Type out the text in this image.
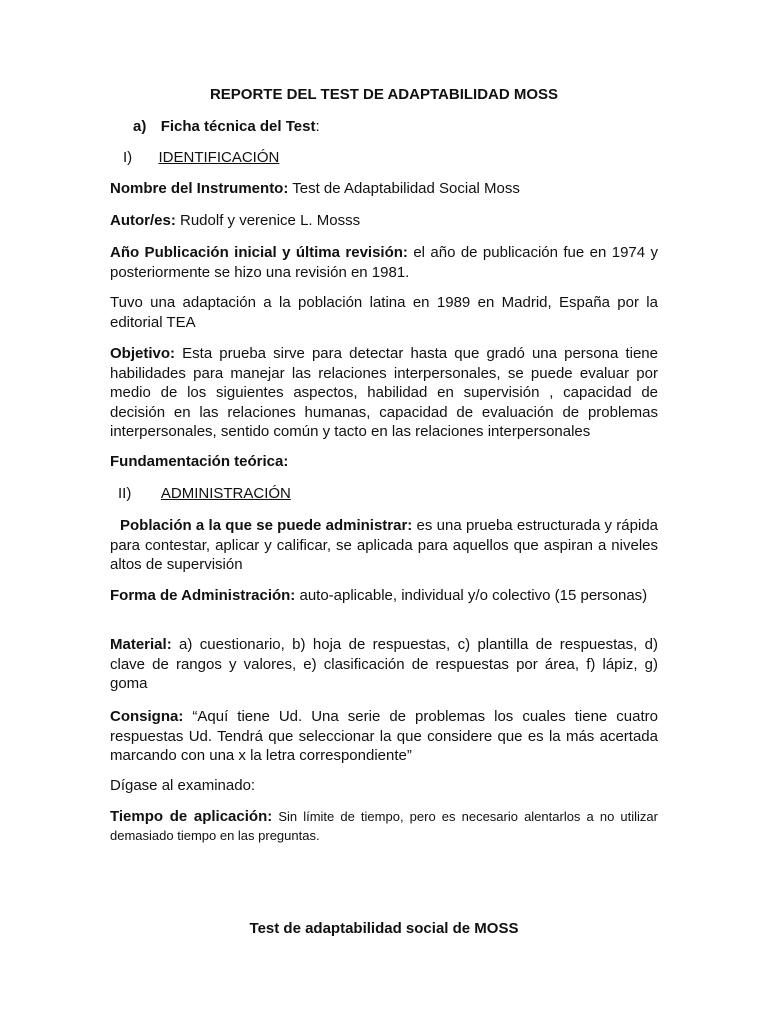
REPORTE DEL TEST DE ADAPTABILIDAD MOSS

a) Ficha técnica del Test:

I) IDENTIFICACIÓN

Nombre del Instrumento: Test de Adaptabilidad Social Moss

Autor/es: Rudolf y verenice L. Mosss

Año Publicación inicial y última revisión: el año de publicación fue en 1974 y posteriormente se hizo una revisión en 1981.

Tuvo una adaptación a la población latina en 1989 en Madrid, España por la editorial TEA

Objetivo: Esta prueba sirve para detectar hasta que gradó una persona tiene habilidades para manejar las relaciones interpersonales, se puede evaluar por medio de los siguientes aspectos, habilidad en supervisión , capacidad de decisión en las relaciones humanas, capacidad de evaluación de problemas interpersonales, sentido común y tacto en las relaciones interpersonales

Fundamentación teórica:

II) ADMINISTRACIÓN

Población a la que se puede administrar: es una prueba estructurada y rápida para contestar, aplicar y calificar, se aplicada para aquellos que aspiran a niveles altos de supervisión

Forma de Administración: auto-aplicable, individual y/o colectivo (15 personas)

Material: a) cuestionario, b) hoja de respuestas, c) plantilla de respuestas, d) clave de rangos y valores, e) clasificación de respuestas por área, f) lápiz, g) goma

Consigna: “Aquí tiene Ud. Una serie de problemas los cuales tiene cuatro respuestas Ud. Tendrá que seleccionar la que considere que es la más acertada marcando con una x la letra correspondiente”

Dígase al examinado:

Tiempo de aplicación: Sin límite de tiempo, pero es necesario alentarlos a no utilizar demasiado tiempo en las preguntas.

Test de adaptabilidad social de MOSS
